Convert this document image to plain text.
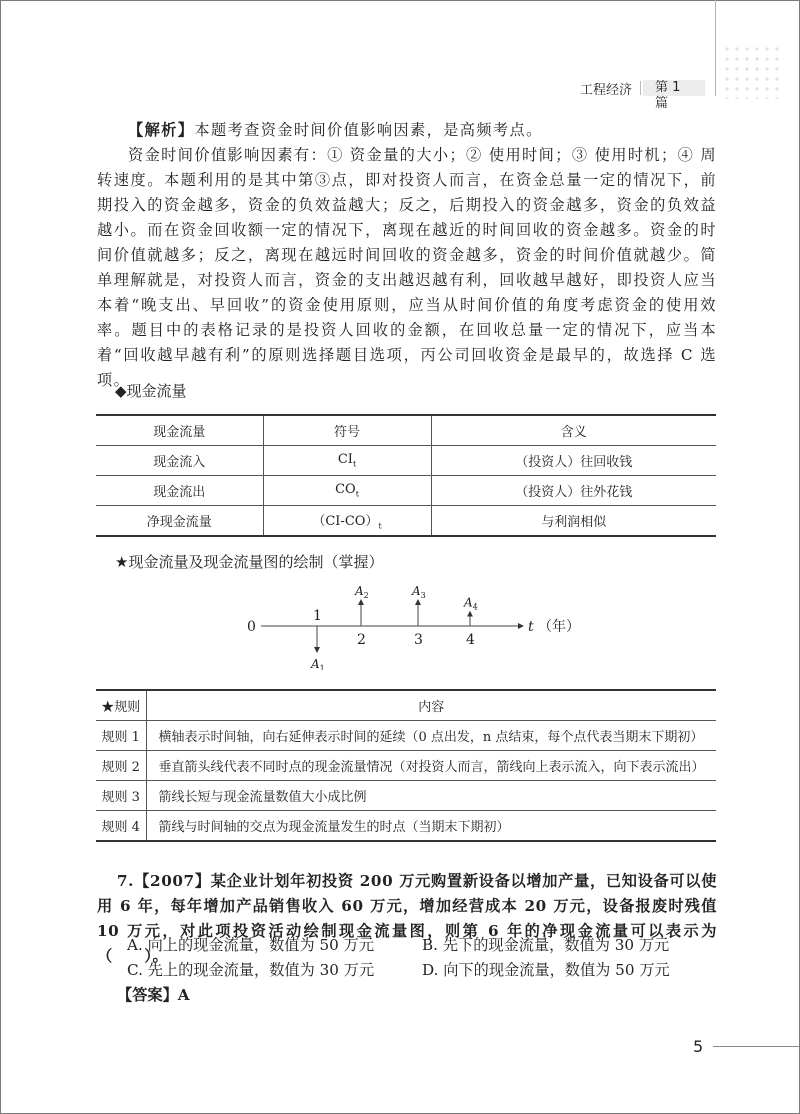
工程经济	第 1 篇

【解析】本题考查资金时间价值影响因素，是高频考点。

资金时间价值影响因素有：① 资金量的大小；② 使用时间；③ 使用时机；④ 周转速度。本题利用的是其中第③点，即对投资人而言，在资金总量一定的情况下，前期投入的资金越多，资金的负效益越大；反之，后期投入的资金越多，资金的负效益越小。而在资金回收额一定的情况下，离现在越近的时间回收的资金越多。资金的时间价值就越多；反之，离现在越远时间回收的资金越多，资金的时间价值就越少。简单理解就是，对投资人而言，资金的支出越迟越有利，回收越早越好，即投资人应当本着“晚支出、早回收”的资金使用原则，应当从时间价值的角度考虑资金的使用效率。题目中的表格记录的是投资人回收的金额，在回收总量一定的情况下，应当本着“回收越早越有利”的原则选择题目选项，丙公司回收资金是最早的，故选择 C 选项。

◆现金流量
现金流量	符号	含义
现金流入	$CI_t$	（投资人）往回收钱
现金流出	$CO_t$	（投资人）往外花钱
净现金流量	$(CI-CO)_t$	与利润相似
★现金流量及现金流量图的绘制（掌握）
0	t （年）
1
$A_1$
2
$A_2$
3
$A_3$
4
$A_4$
★规则	内容
规则 1	横轴表示时间轴，向右延伸表示时间的延续（0 点出发，n 点结束，每个点代表当期末下期初）
规则 2	垂直箭头线代表不同时点的现金流量情况（对投资人而言，箭线向上表示流入，向下表示流出）
规则 3	箭线长短与现金流量数值大小成比例
规则 4	箭线与时间轴的交点为现金流量发生的时点（当期末下期初）

7.【2007】某企业计划年初投资 200 万元购置新设备以增加产量，已知设备可以使用 6 年，每年增加产品销售收入 60 万元，增加经营成本 20 万元，设备报废时残值 10 万元，对此项投资活动绘制现金流量图，则第 6 年的净现金流量可以表示为（　　）。

A. 向上的现金流量，数值为 50 万元	B. 先下的现金流量，数值为 30 万元
C. 先上的现金流量，数值为 30 万元	D. 向下的现金流量，数值为 50 万元
【答案】A
5
